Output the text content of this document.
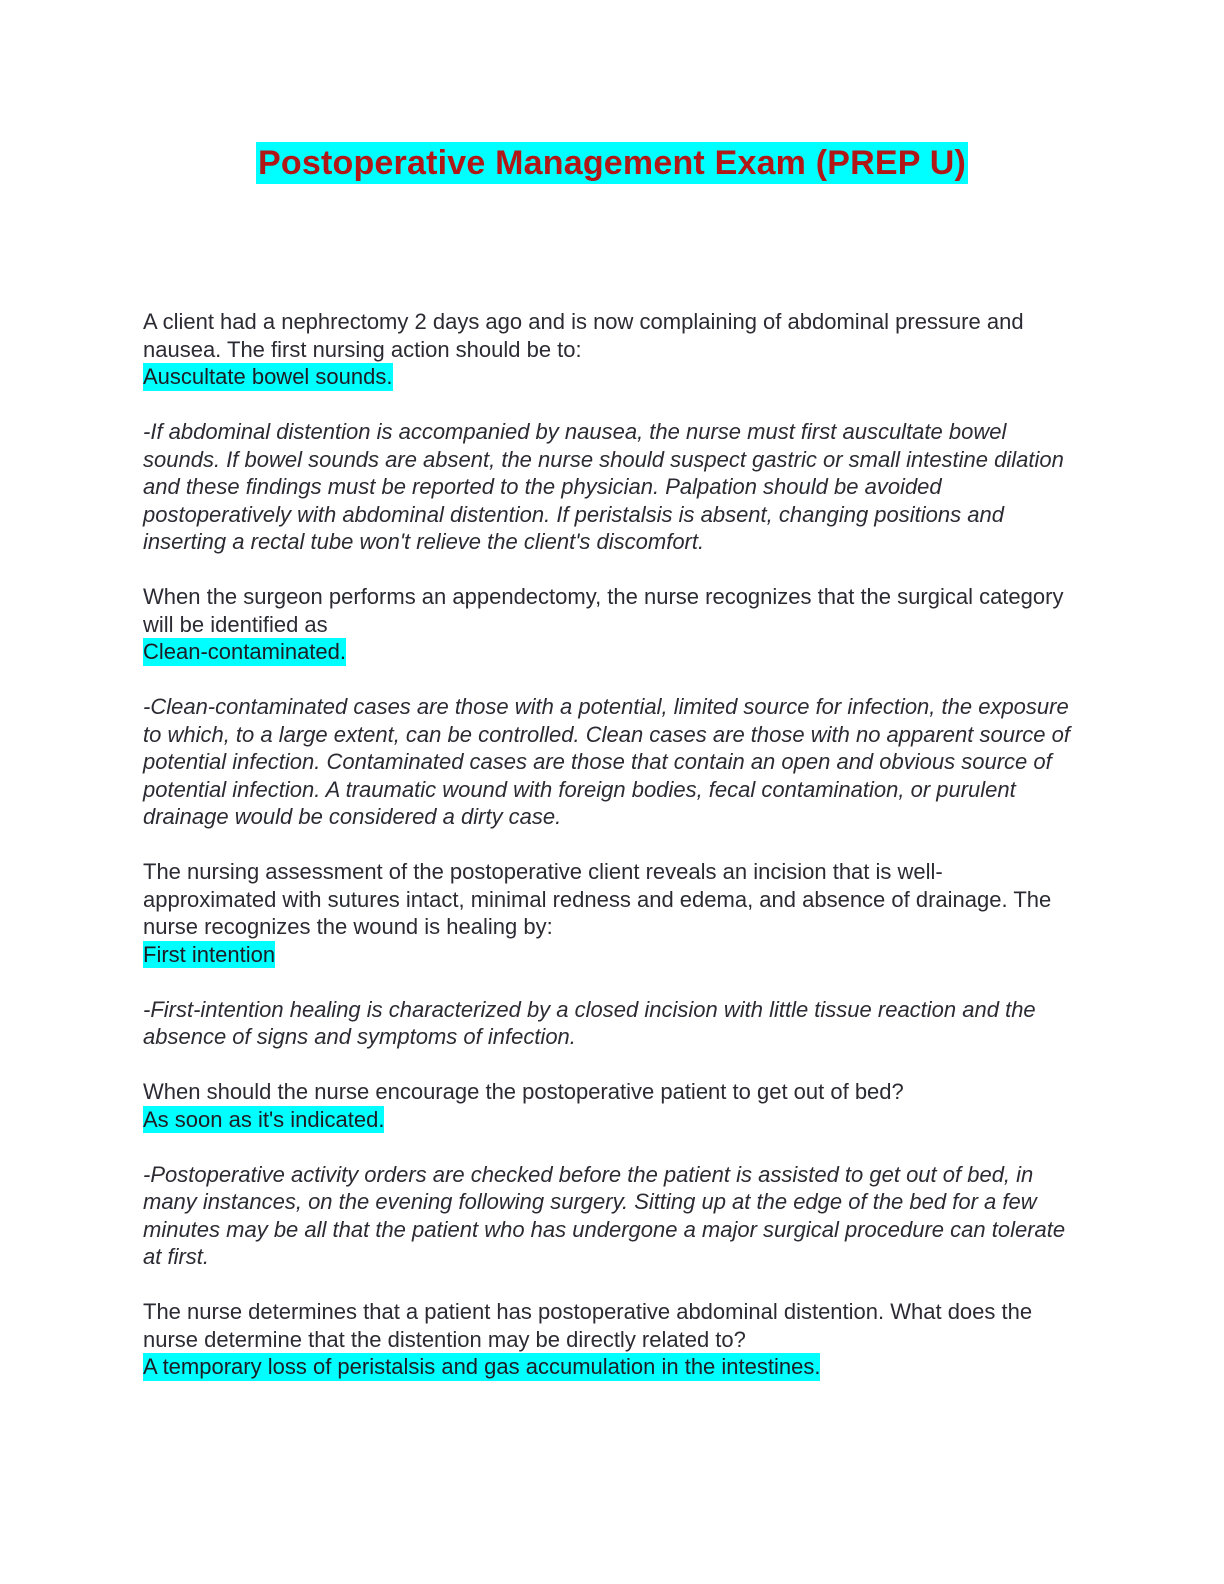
Postoperative Management Exam (PREP U)

A client had a nephrectomy 2 days ago and is now complaining of abdominal pressure and nausea. The first nursing action should be to:

Auscultate bowel sounds.

-If abdominal distention is accompanied by nausea, the nurse must first auscultate bowel sounds. If bowel sounds are absent, the nurse should suspect gastric or small intestine dilation and these findings must be reported to the physician. Palpation should be avoided postoperatively with abdominal distention. If peristalsis is absent, changing positions and inserting a rectal tube won't relieve the client's discomfort.

When the surgeon performs an appendectomy, the nurse recognizes that the surgical category will be identified as

Clean-contaminated.

-Clean-contaminated cases are those with a potential, limited source for infection, the exposure to which, to a large extent, can be controlled. Clean cases are those with no apparent source of potential infection. Contaminated cases are those that contain an open and obvious source of potential infection. A traumatic wound with foreign bodies, fecal contamination, or purulent drainage would be considered a dirty case.

The nursing assessment of the postoperative client reveals an incision that is well-approximated with sutures intact, minimal redness and edema, and absence of drainage. The nurse recognizes the wound is healing by:

First intention

-First-intention healing is characterized by a closed incision with little tissue reaction and the absence of signs and symptoms of infection.

When should the nurse encourage the postoperative patient to get out of bed?

As soon as it's indicated.

-Postoperative activity orders are checked before the patient is assisted to get out of bed, in many instances, on the evening following surgery. Sitting up at the edge of the bed for a few minutes may be all that the patient who has undergone a major surgical procedure can tolerate at first.

The nurse determines that a patient has postoperative abdominal distention. What does the nurse determine that the distention may be directly related to?

A temporary loss of peristalsis and gas accumulation in the intestines.
